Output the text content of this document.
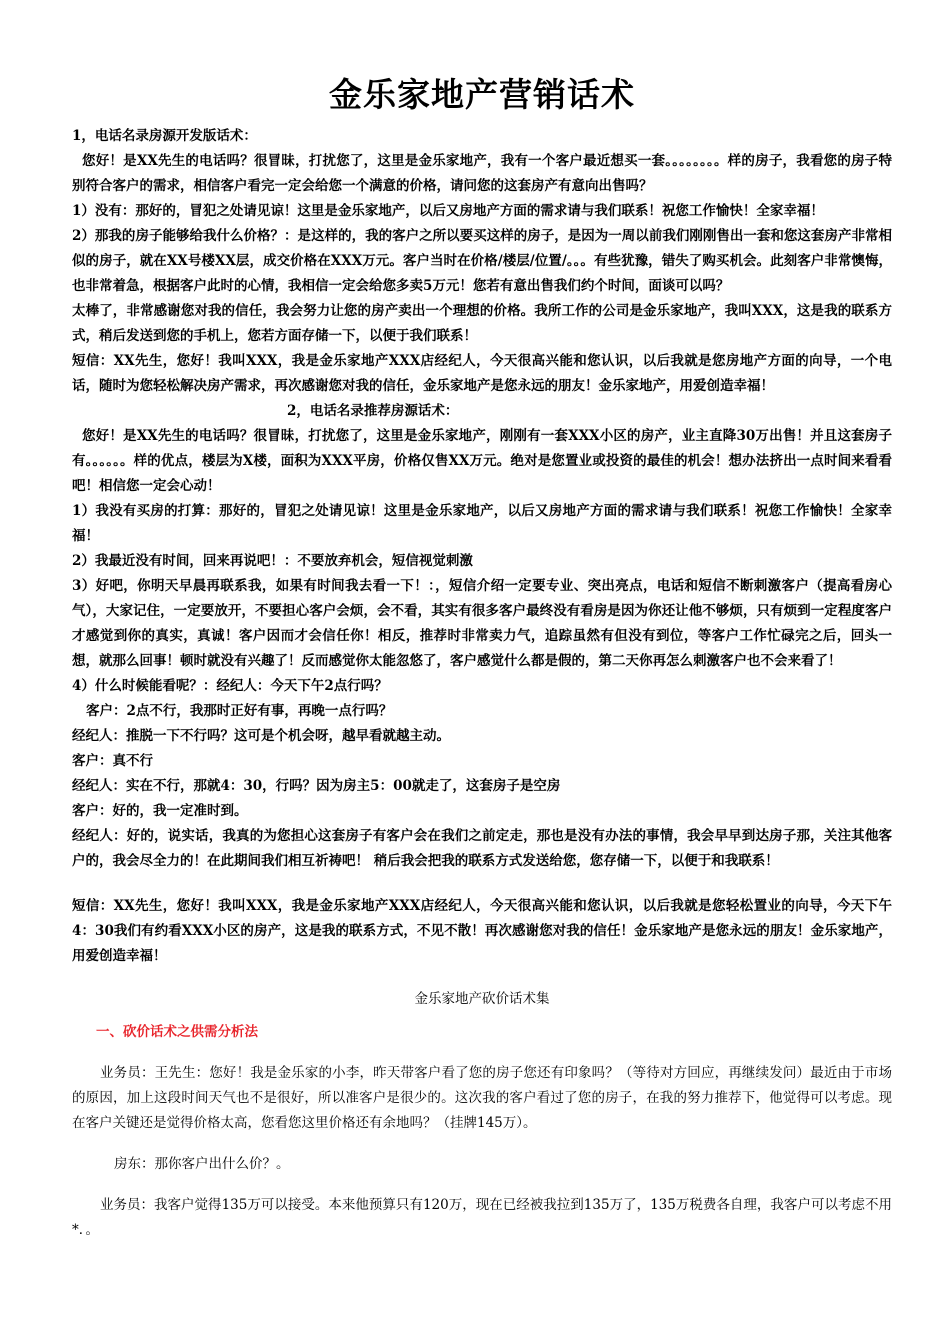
金乐家地产营销话术

1，电话名录房源开发版话术：

您好！是XX先生的电话吗？很冒昧，打扰您了，这里是金乐家地产，我有一个客户最近想买一套。。。。。。。。样的房子，我看您的房子特别符合客户的需求，相信客户看完一定会给您一个满意的价格，请问您的这套房产有意向出售吗？

1）没有：那好的，冒犯之处请见谅！这里是金乐家地产，以后又房地产方面的需求请与我们联系！祝您工作愉快！全家幸福！

2）那我的房子能够给我什么价格？：是这样的，我的客户之所以要买这样的房子，是因为一周以前我们刚刚售出一套和您这套房产非常相似的房子，就在XX号楼XX层，成交价格在XXX万元。客户当时在价格/楼层/位置/。。。有些犹豫，错失了购买机会。此刻客户非常懊悔，也非常着急，根据客户此时的心情，我相信一定会给您多卖5万元！您若有意出售我们约个时间，面谈可以吗？

太棒了，非常感谢您对我的信任，我会努力让您的房产卖出一个理想的价格。我所工作的公司是金乐家地产，我叫XXX，这是我的联系方式，稍后发送到您的手机上，您若方面存储一下，以便于我们联系！

短信：XX先生，您好！我叫XXX，我是金乐家地产XXX店经纪人，今天很高兴能和您认识，以后我就是您房地产方面的向导，一个电话，随时为您轻松解决房产需求，再次感谢您对我的信任，金乐家地产是您永远的朋友！金乐家地产，用爱创造幸福！

2，电话名录推荐房源话术：

您好！是XX先生的电话吗？很冒昧，打扰您了，这里是金乐家地产，刚刚有一套XXX小区的房产，业主直降30万出售！并且这套房子有。。。。。。样的优点，楼层为X楼，面积为XXX平房，价格仅售XX万元。绝对是您置业或投资的最佳的机会！想办法挤出一点时间来看看吧！相信您一定会心动！

1）我没有买房的打算：那好的，冒犯之处请见谅！这里是金乐家地产，以后又房地产方面的需求请与我们联系！祝您工作愉快！全家幸福！

2）我最近没有时间，回来再说吧！：不要放弃机会，短信视觉刺激

3）好吧，你明天早晨再联系我，如果有时间我去看一下！：，短信介绍一定要专业、突出亮点，电话和短信不断刺激客户（提高看房心气），大家记住，一定要放开，不要担心客户会烦，会不看，其实有很多客户最终没有看房是因为你还让他不够烦，只有烦到一定程度客户才感觉到你的真实，真诚！客户因而才会信任你！相反，推荐时非常卖力气，追踪虽然有但没有到位，等客户工作忙碌完之后，回头一想，就那么回事！顿时就没有兴趣了！反而感觉你太能忽悠了，客户感觉什么都是假的，第二天你再怎么刺激客户也不会来看了！

4）什么时候能看呢？：经纪人：今天下午2点行吗？

客户：2点不行，我那时正好有事，再晚一点行吗？

经纪人：推脱一下不行吗？这可是个机会呀，越早看就越主动。

客户：真不行

经纪人：实在不行，那就4：30，行吗？因为房主5：00就走了，这套房子是空房

客户：好的，我一定准时到。

经纪人：好的，说实话，我真的为您担心这套房子有客户会在我们之前定走，那也是没有办法的事情，我会早早到达房子那，关注其他客户的，我会尽全力的！在此期间我们相互祈祷吧！ 稍后我会把我的联系方式发送给您，您存储一下，以便于和我联系！

短信：XX先生，您好！我叫XXX，我是金乐家地产XXX店经纪人，今天很高兴能和您认识，以后我就是您轻松置业的向导，今天下午4：30我们有约看XXX小区的房产，这是我的联系方式，不见不散！再次感谢您对我的信任！金乐家地产是您永远的朋友！金乐家地产，用爱创造幸福！

金乐家地产砍价话术集

一、砍价话术之供需分析法

业务员：王先生：您好！我是金乐家的小李，昨天带客户看了您的房子您还有印象吗？（等待对方回应，再继续发问）最近由于市场的原因，加上这段时间天气也不是很好，所以准客户是很少的。这次我的客户看过了您的房子，在我的努力推荐下，他觉得可以考虑。现在客户关键还是觉得价格太高，您看您这里价格还有余地吗？（挂牌145万）。

房东：那你客户出什么价？。

业务员：我客户觉得135万可以接受。本来他预算只有120万，现在已经被我拉到135万了，135万税费各自理，我客户可以考虑不用*．。
